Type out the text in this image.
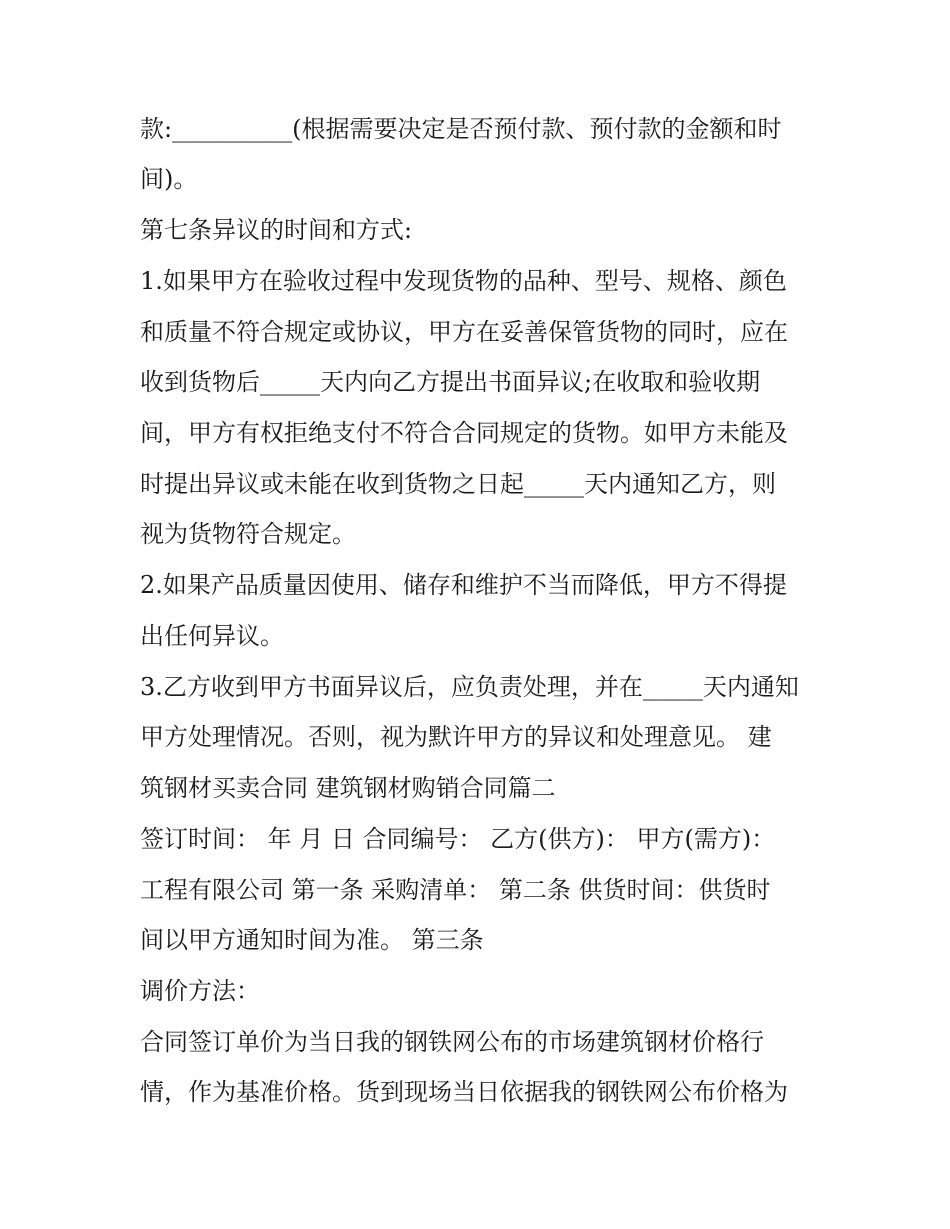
款:__________(根据需要决定是否预付款、预付款的金额和时
间)。
第七条异议的时间和方式:
1.如果甲方在验收过程中发现货物的品种、型号、规格、颜色
和质量不符合规定或协议，甲方在妥善保管货物的同时，应在
收到货物后_____天内向乙方提出书面异议;在收取和验收期
间，甲方有权拒绝支付不符合合同规定的货物。如甲方未能及
时提出异议或未能在收到货物之日起_____天内通知乙方，则
视为货物符合规定。
2.如果产品质量因使用、储存和维护不当而降低，甲方不得提
出任何异议。
3.乙方收到甲方书面异议后，应负责处理，并在_____天内通知
甲方处理情况。否则，视为默许甲方的异议和处理意见。 建
筑钢材买卖合同 建筑钢材购销合同篇二
签订时间： 年 月 日 合同编号： 乙方(供方)： 甲方(需方)：
工程有限公司 第一条 采购清单： 第二条 供货时间：供货时
间以甲方通知时间为准。 第三条
调价方法：
合同签订单价为当日我的钢铁网公布的市场建筑钢材价格行
情，作为基准价格。货到现场当日依据我的钢铁网公布价格为
